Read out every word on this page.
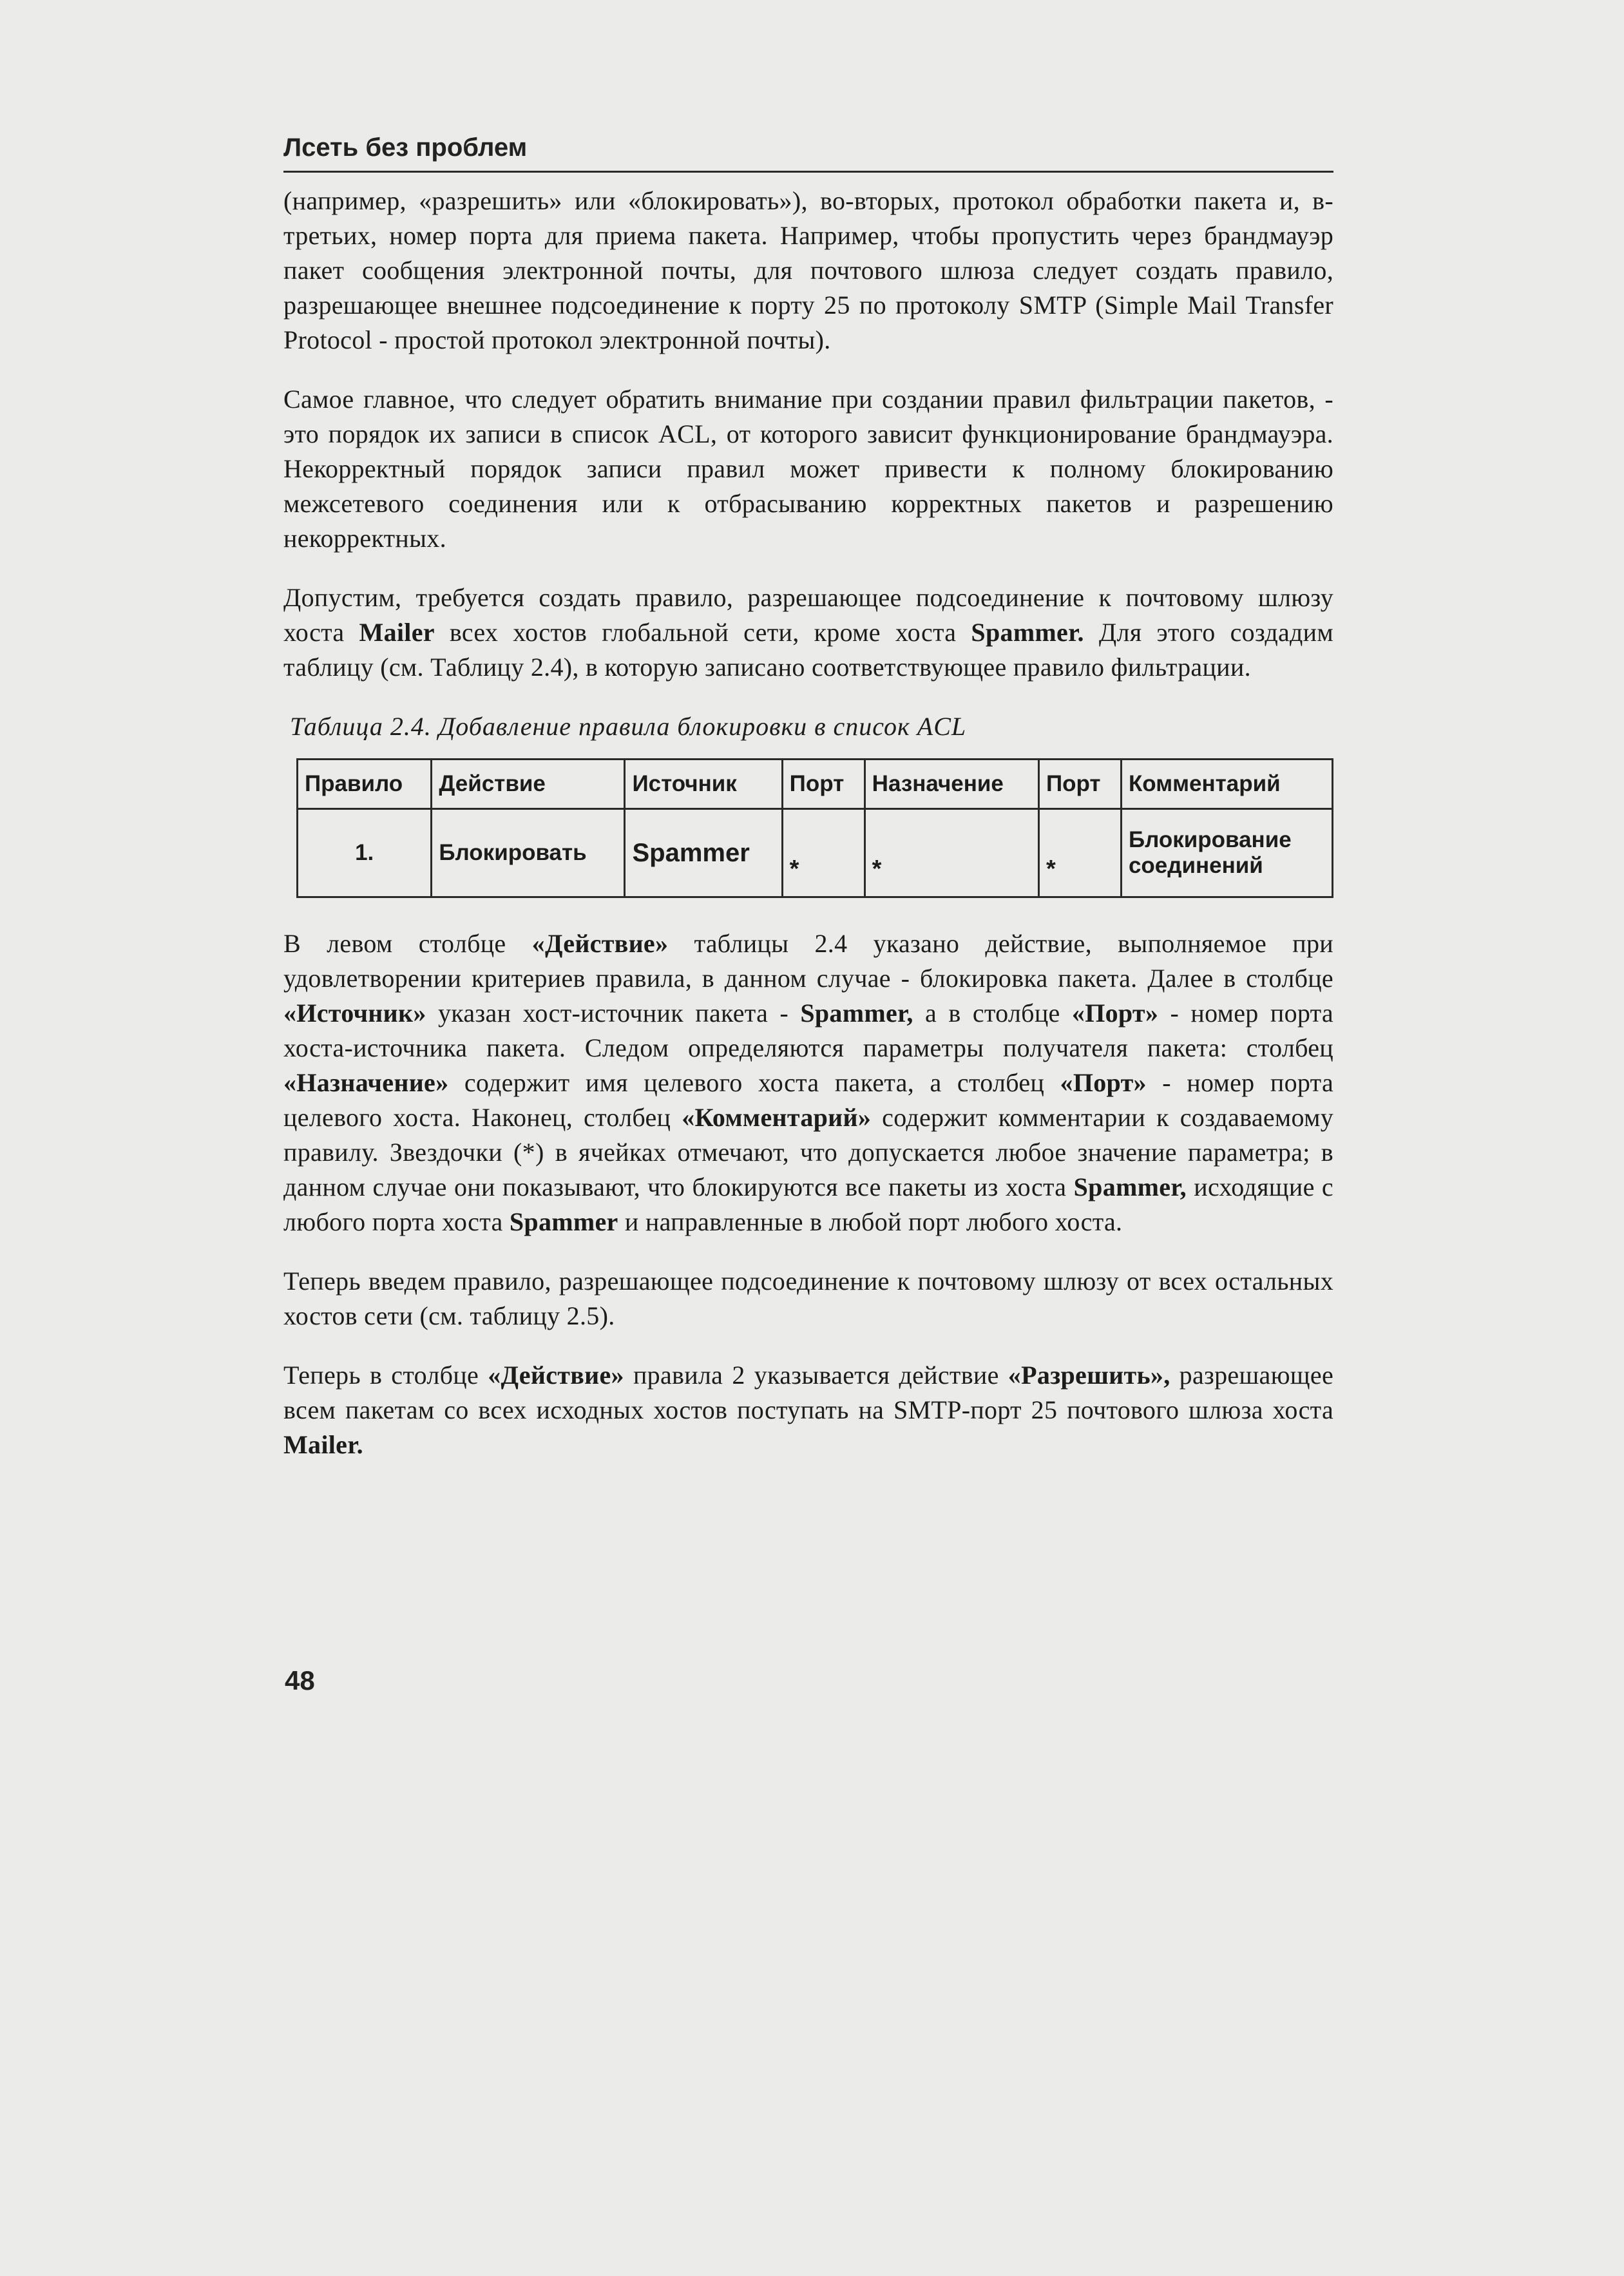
Лсеть без проблем

(например, «разрешить» или «блокировать»), во-вторых, протокол обработки пакета и, в-третьих, номер порта для приема пакета. Например, чтобы пропустить через брандмауэр пакет сообщения электронной почты, для почтового шлюза следует создать правило, разрешающее внешнее подсоединение к порту 25 по протоколу SMTP (Simple Mail Transfer Protocol - простой протокол электронной почты).

Самое главное, что следует обратить внимание при создании правил фильтрации пакетов, - это порядок их записи в список ACL, от которого зависит функционирование брандмауэра. Некорректный порядок записи правил может привести к полному блокированию межсетевого соединения или к отбрасыванию корректных пакетов и разрешению некорректных.

Допустим, требуется создать правило, разрешающее подсоединение к почтовому шлюзу хоста Mailer всех хостов глобальной сети, кроме хоста Spammer. Для этого создадим таблицу (см. Таблицу 2.4), в которую записано соответствующее правило фильтрации.

Таблица 2.4. Добавление правила блокировки в список ACL
Правило	Действие	Источник	Порт	Назначение	Порт	Комментарий
1.	Блокировать	Spammer	*	*	*	Блокирование
соединений

В левом столбце «Действие» таблицы 2.4 указано действие, выполняемое при удовлетворении критериев правила, в данном случае - блокировка пакета. Далее в столбце «Источник» указан хост-источник пакета - Spammer, а в столбце «Порт» - номер порта хоста-источника пакета. Следом определяются параметры получателя пакета: столбец «Назначение» содержит имя целевого хоста пакета, а столбец «Порт» - номер порта целевого хоста. Наконец, столбец «Комментарий» содержит комментарии к создаваемому правилу. Звездочки (*) в ячейках отмечают, что допускается любое значение параметра; в данном случае они показывают, что блокируются все пакеты из хоста Spammer, исходящие с любого порта хоста Spammer и направленные в любой порт любого хоста.

Теперь введем правило, разрешающее подсоединение к почтовому шлюзу от всех остальных хостов сети (см. таблицу 2.5).

Теперь в столбце «Действие» правила 2 указывается действие «Разрешить», разрешающее всем пакетам со всех исходных хостов поступать на SMTP-порт 25 почтового шлюза хоста Mailer.

48
